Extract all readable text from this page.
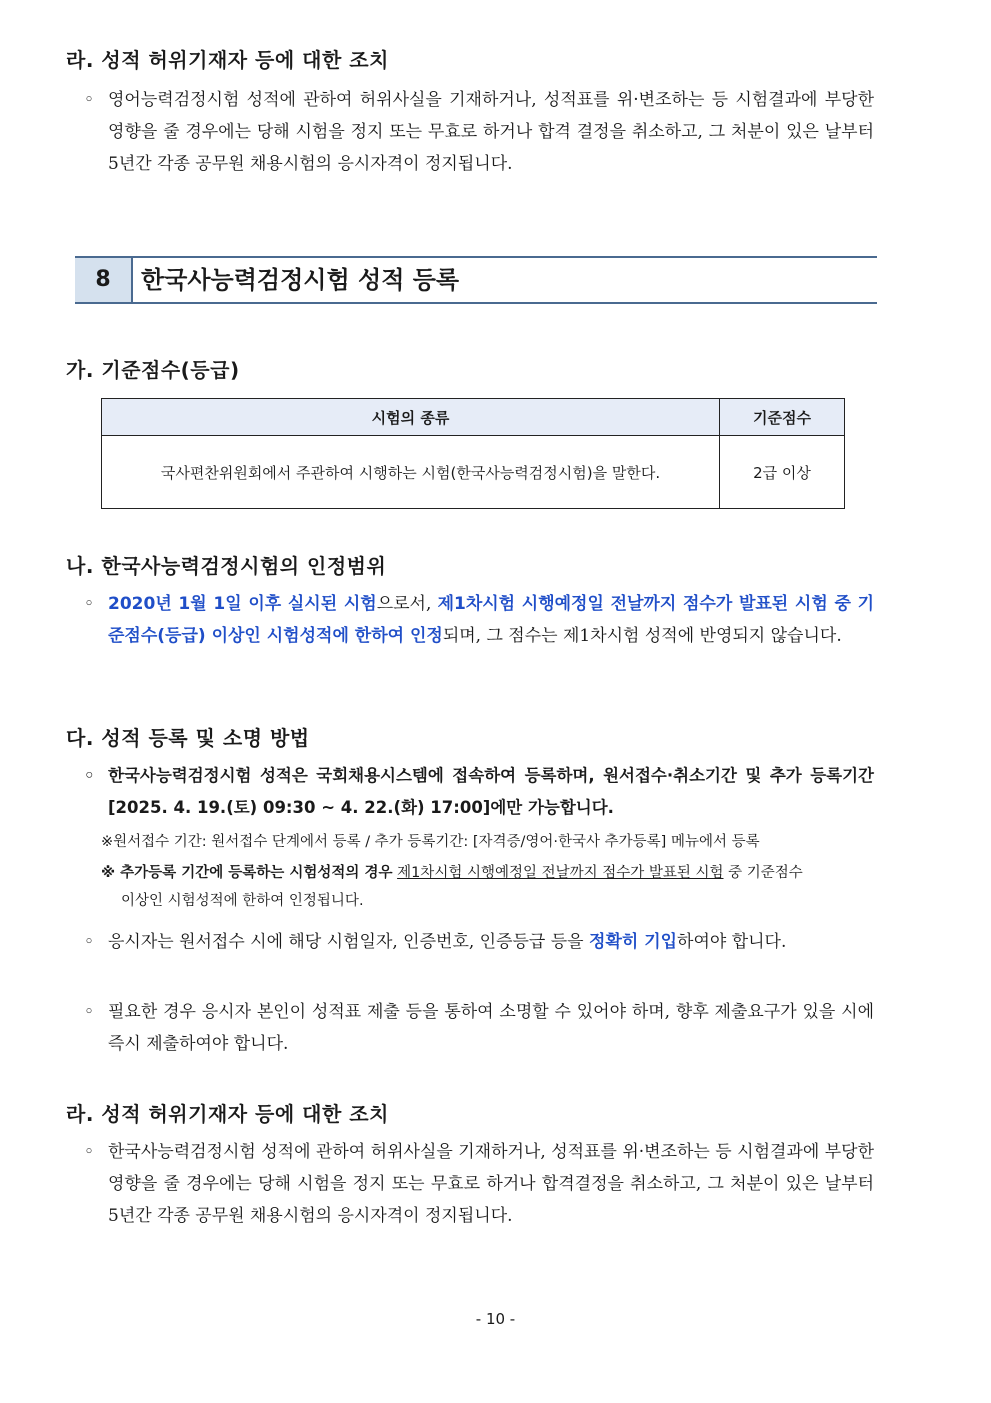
라. 성적 허위기재자 등에 대한 조치
◦ 영어능력검정시험 성적에 관하여 허위사실을 기재하거나, 성적표를 위·변조하는 등 시험결과에 부당한 영향을 줄 경우에는 당해 시험을 정지 또는 무효로 하거나 합격 결정을 취소하고, 그 처분이 있은 날부터 5년간 각종 공무원 채용시험의 응시자격이 정지됩니다.
8	한국사능력검정시험 성적 등록
가. 기준점수(등급)
시험의 종류	기준점수
국사편찬위원회에서 주관하여 시행하는 시험(한국사능력검정시험)을 말한다.	2급 이상
나. 한국사능력검정시험의 인정범위
◦ 2020년 1월 1일 이후 실시된 시험으로서, 제1차시험 시행예정일 전날까지 점수가 발표된 시험 중 기준점수(등급) 이상인 시험성적에 한하여 인정되며, 그 점수는 제1차시험 성적에 반영되지 않습니다.
다. 성적 등록 및 소명 방법
◦ 한국사능력검정시험 성적은 국회채용시스템에 접속하여 등록하며, 원서접수·취소기간 및 추가 등록기간[2025. 4. 19.(토) 09:30 ~ 4. 22.(화) 17:00]에만 가능합니다.
※원서접수 기간: 원서접수 단계에서 등록 / 추가 등록기간: [자격증/영어·한국사 추가등록] 메뉴에서 등록
※ 추가등록 기간에 등록하는 시험성적의 경우 제1차시험 시행예정일 전날까지 점수가 발표된 시험 중 기준점수
이상인 시험성적에 한하여 인정됩니다.
◦ 응시자는 원서접수 시에 해당 시험일자, 인증번호, 인증등급 등을 정확히 기입하여야 합니다.
◦ 필요한 경우 응시자 본인이 성적표 제출 등을 통하여 소명할 수 있어야 하며, 향후 제출요구가 있을 시에 즉시 제출하여야 합니다.
라. 성적 허위기재자 등에 대한 조치
◦ 한국사능력검정시험 성적에 관하여 허위사실을 기재하거나, 성적표를 위·변조하는 등 시험결과에 부당한 영향을 줄 경우에는 당해 시험을 정지 또는 무효로 하거나 합격결정을 취소하고, 그 처분이 있은 날부터 5년간 각종 공무원 채용시험의 응시자격이 정지됩니다.
- 10 -
